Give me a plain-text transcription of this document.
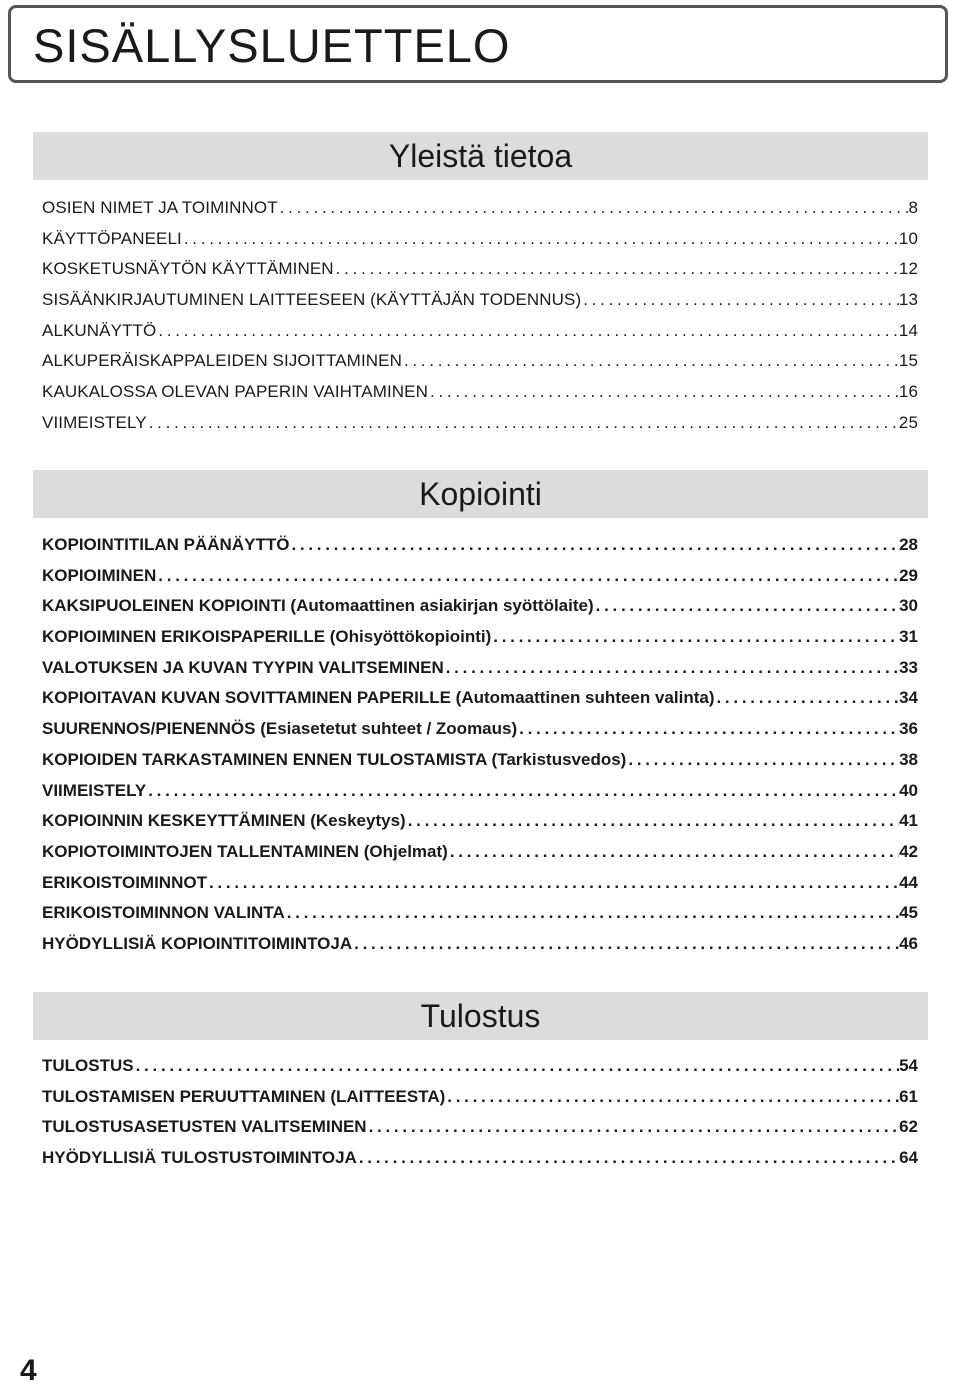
SISÄLLYSLUETTELO
Yleistä tietoa
OSIEN NIMET JA TOIMINNOT . . .	8
KÄYTTÖPANEELI . . .	10
KOSKETUSNÄYTÖN KÄYTTÄMINEN . . .	12
SISÄÄNKIRJAUTUMINEN LAITTEESEEN (KÄYTTÄJÄN TODENNUS) . . .	13
ALKUNÄYTTÖ . . .	14
ALKUPERÄISKAPPALEIDEN SIJOITTAMINEN . . .	15
KAUKALOSSA OLEVAN PAPERIN VAIHTAMINEN . . .	16
VIIMEISTELY . . .	25
Kopiointi
KOPIOINTITILAN PÄÄNÄYTTÖ . . .	28
KOPIOIMINEN . . .	29
KAKSIPUOLEINEN KOPIOINTI (Automaattinen asiakirjan syöttölaite) . . .	30
KOPIOIMINEN ERIKOISPAPERILLE (Ohisyöttökopiointi) . . .	31
VALOTUKSEN JA KUVAN TYYPIN VALITSEMINEN . . .	33
KOPIOITAVAN KUVAN SOVITTAMINEN PAPERILLE (Automaattinen suhteen valinta) . . .	34
SUURENNOS/PIENENNÖS (Esiasetetut suhteet / Zoomaus) . . .	36
KOPIOIDEN TARKASTAMINEN ENNEN TULOSTAMISTA (Tarkistusvedos) . . .	38
VIIMEISTELY . . .	40
KOPIOINNIN KESKEYTTÄMINEN (Keskeytys) . . .	41
KOPIOTOIMINTOJEN TALLENTAMINEN (Ohjelmat) . . .	42
ERIKOISTOIMINNOT . . .	44
ERIKOISTOIMINNON VALINTA . . .	45
HYÖDYLLISIÄ KOPIOINTITOIMINTOJA . . .	46
Tulostus
TULOSTUS . . .	54
TULOSTAMISEN PERUUTTAMINEN (LAITTEESTA) . . .	61
TULOSTUSASETUSTEN VALITSEMINEN . . .	62
HYÖDYLLISIÄ TULOSTUSTOIMINTOJA . . .	64
4
